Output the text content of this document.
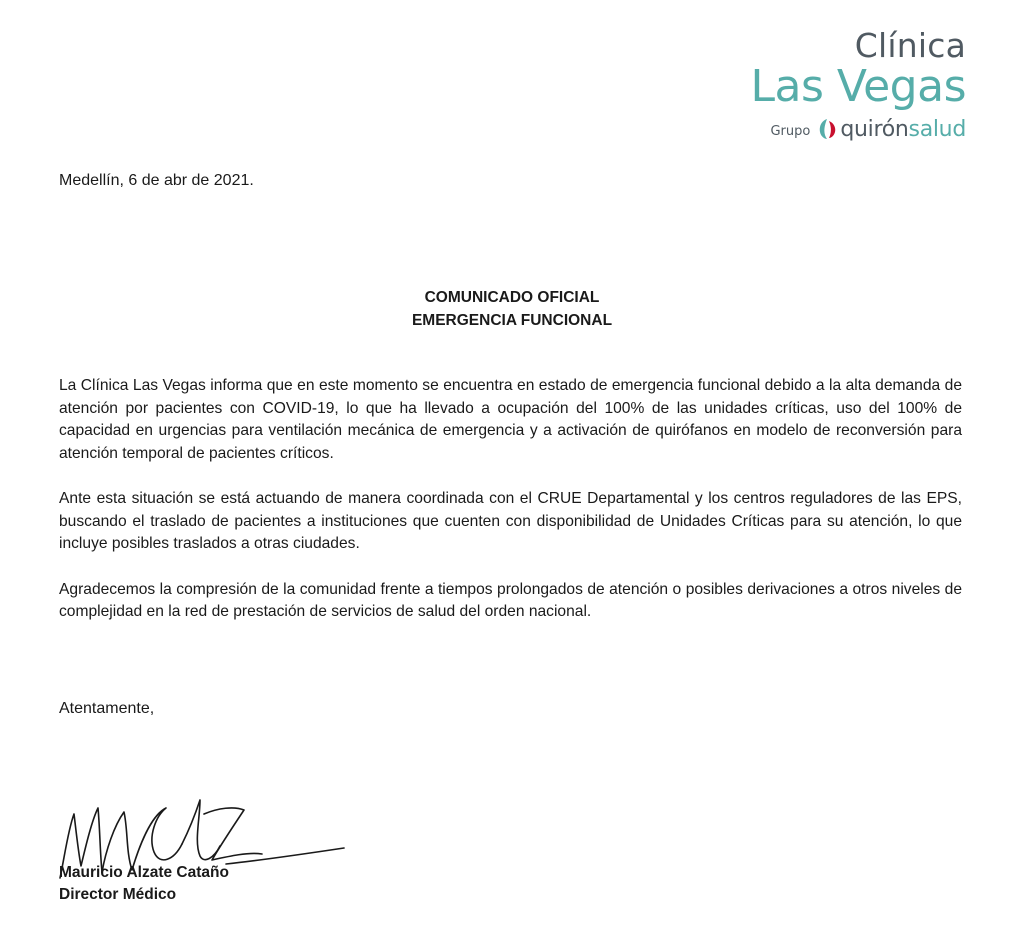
Clínica
Las Vegas
Grupo quirónsalud
Medellín, 6 de abr de 2021.
COMUNICADO OFICIAL
EMERGENCIA FUNCIONAL

La Clínica Las Vegas informa que en este momento se encuentra en estado de emergencia funcional debido a la alta demanda de atención por pacientes con COVID-19, lo que ha llevado a ocupación del 100% de las unidades críticas, uso del 100% de capacidad en urgencias para ventilación mecánica de emergencia y a activación de quirófanos en modelo de reconversión para atención temporal de pacientes críticos.

Ante esta situación se está actuando de manera coordinada con el CRUE Departamental y los centros reguladores de las EPS, buscando el traslado de pacientes a instituciones que cuenten con disponibilidad de Unidades Críticas para su atención, lo que incluye posibles traslados a otras ciudades.

Agradecemos la compresión de la comunidad frente a tiempos prolongados de atención o posibles derivaciones a otros niveles de complejidad en la red de prestación de servicios de salud del orden nacional.

Atentamente,
Mauricio Alzate Cataño
Director Médico
